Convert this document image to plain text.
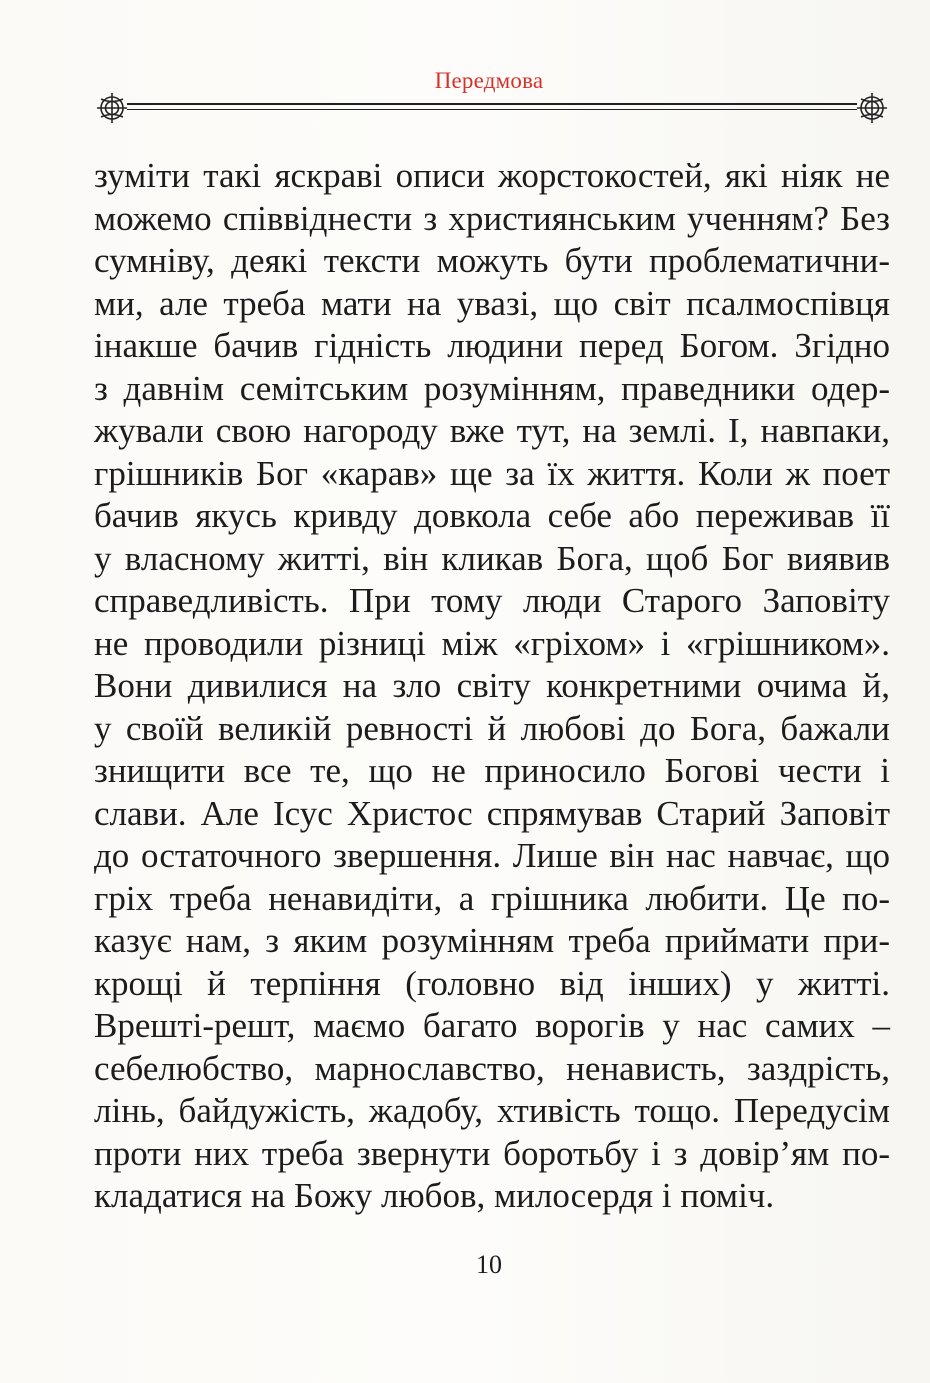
Передмова
зуміти такі яскраві описи жорстокостей, які ніяк не
можемо співвіднести з християнським ученням? Без
сумніву, деякі тексти можуть бути проблематични-
ми, але треба мати на увазі, що світ псалмоспівця
інакше бачив гідність людини перед Богом. Згідно
з давнім семітським розумінням, праведники одер-
жували свою нагороду вже тут, на землі. І, навпаки,
грішників Бог «карав» ще за їх життя. Коли ж поет
бачив якусь кривду довкола себе або переживав її
у власному житті, він кликав Бога, щоб Бог виявив
справедливість. При тому люди Старого Заповіту
не проводили різниці між «гріхом» і «грішником».
Вони дивилися на зло світу конкретними очима й,
у своїй великій ревності й любові до Бога, бажали
знищити все те, що не приносило Богові чести і
слави. Але Ісус Христос спрямував Старий Заповіт
до остаточного звершення. Лише він нас навчає, що
гріх треба ненавидіти, а грішника любити. Це по-
казує нам, з яким розумінням треба приймати при-
крощі й терпіння (головно від інших) у житті.
Врешті-решт, маємо багато ворогів у нас самих –
себелюбство, марнославство, ненависть, заздрість,
лінь, байдужість, жадобу, хтивість тощо. Передусім
проти них треба звернути боротьбу і з довір’ям по-
кладатися на Божу любов, милосердя і поміч.
10
